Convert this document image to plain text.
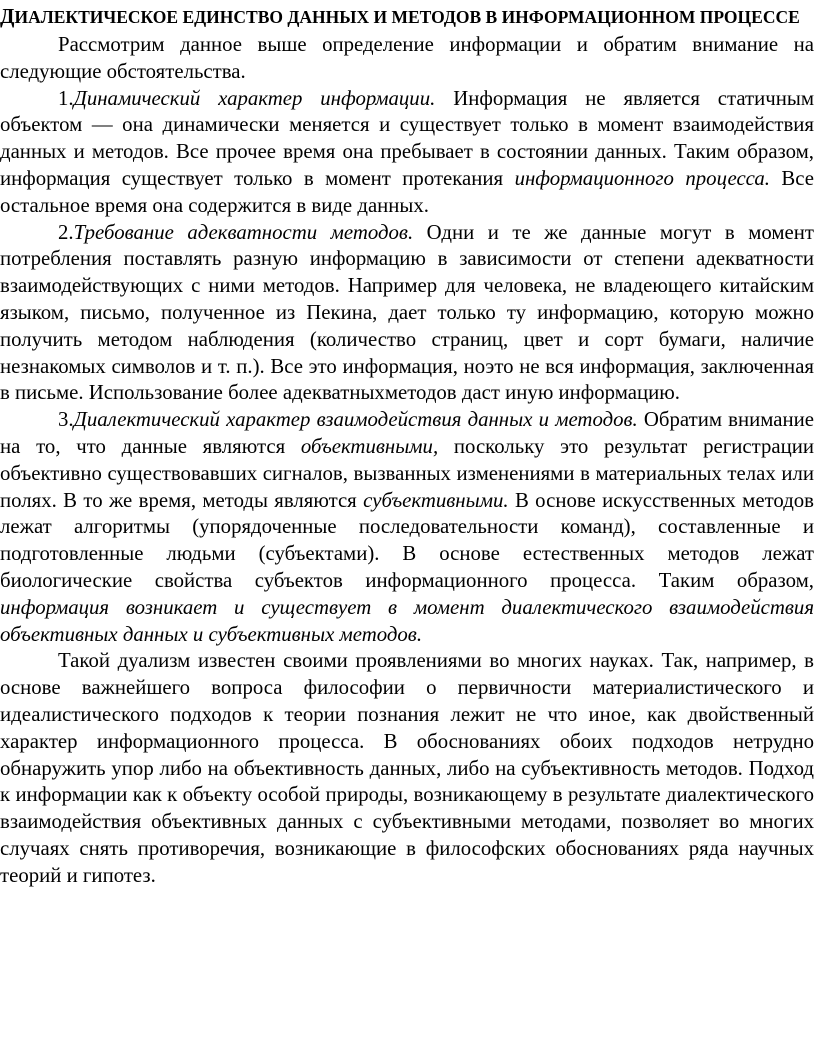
ДИАЛЕКТИЧЕСКОЕ ЕДИНСТВО ДАННЫХ И МЕТОДОВ В ИНФОРМАЦИОННОМ ПРОЦЕССЕ

Рассмотрим данное выше определение информации и обратим внимание на следующие обстоятельства.

1.Динамический характер информации. Информация не является статичным объектом — она динамически меняется и существует только в момент взаимодействия данных и методов. Все прочее время она пребывает в состоянии данных. Таким образом, информация существует только в момент протекания информационного процесса. Все остальное время она содержится в виде данных.

2.Требование адекватности методов. Одни и те же данные могут в момент потребления поставлять разную информацию в зависимости от степени адекватности взаимодействующих с ними методов. Например для человека, не владеющего китайским языком, письмо, полученное из Пекина, дает только ту информацию, которую можно получить методом наблюдения (количество страниц, цвет и сорт бумаги, наличие незнакомых символов и т. п.). Все это информация, ноэто не вся информация, заключенная в письме. Использование более адекватныхметодов даст иную информацию.

3.Диалектический характер взаимодействия данных и методов. Обратим внимание на то, что данные являются объективными, поскольку это результат регистрации объективно существовавших сигналов, вызванных изменениями в материальных телах или полях. В то же время, методы являются субъективными. В основе искусственных методов лежат алгоритмы (упорядоченные последовательности команд), составленные и подготовленные людьми (субъектами). В основе естественных методов лежат биологические свойства субъектов информационного процесса. Таким образом, информация возникает и существует в момент диалектического взаимодействия объективных данных и субъективных методов.

Такой дуализм известен своими проявлениями во многих науках. Так, например, в основе важнейшего вопроса философии о первичности материалистического и идеалистического подходов к теории познания лежит не что иное, как двойственный характер информационного процесса. В обоснованиях обоих подходов нетрудно обнаружить упор либо на объективность данных, либо на субъективность методов. Подход к информации как к объекту особой природы, возникающему в результате диалектического взаимодействия объективных данных с субъективными методами, позволяет во многих случаях снять противоречия, возникающие в философских обоснованиях ряда научных теорий и гипотез.
